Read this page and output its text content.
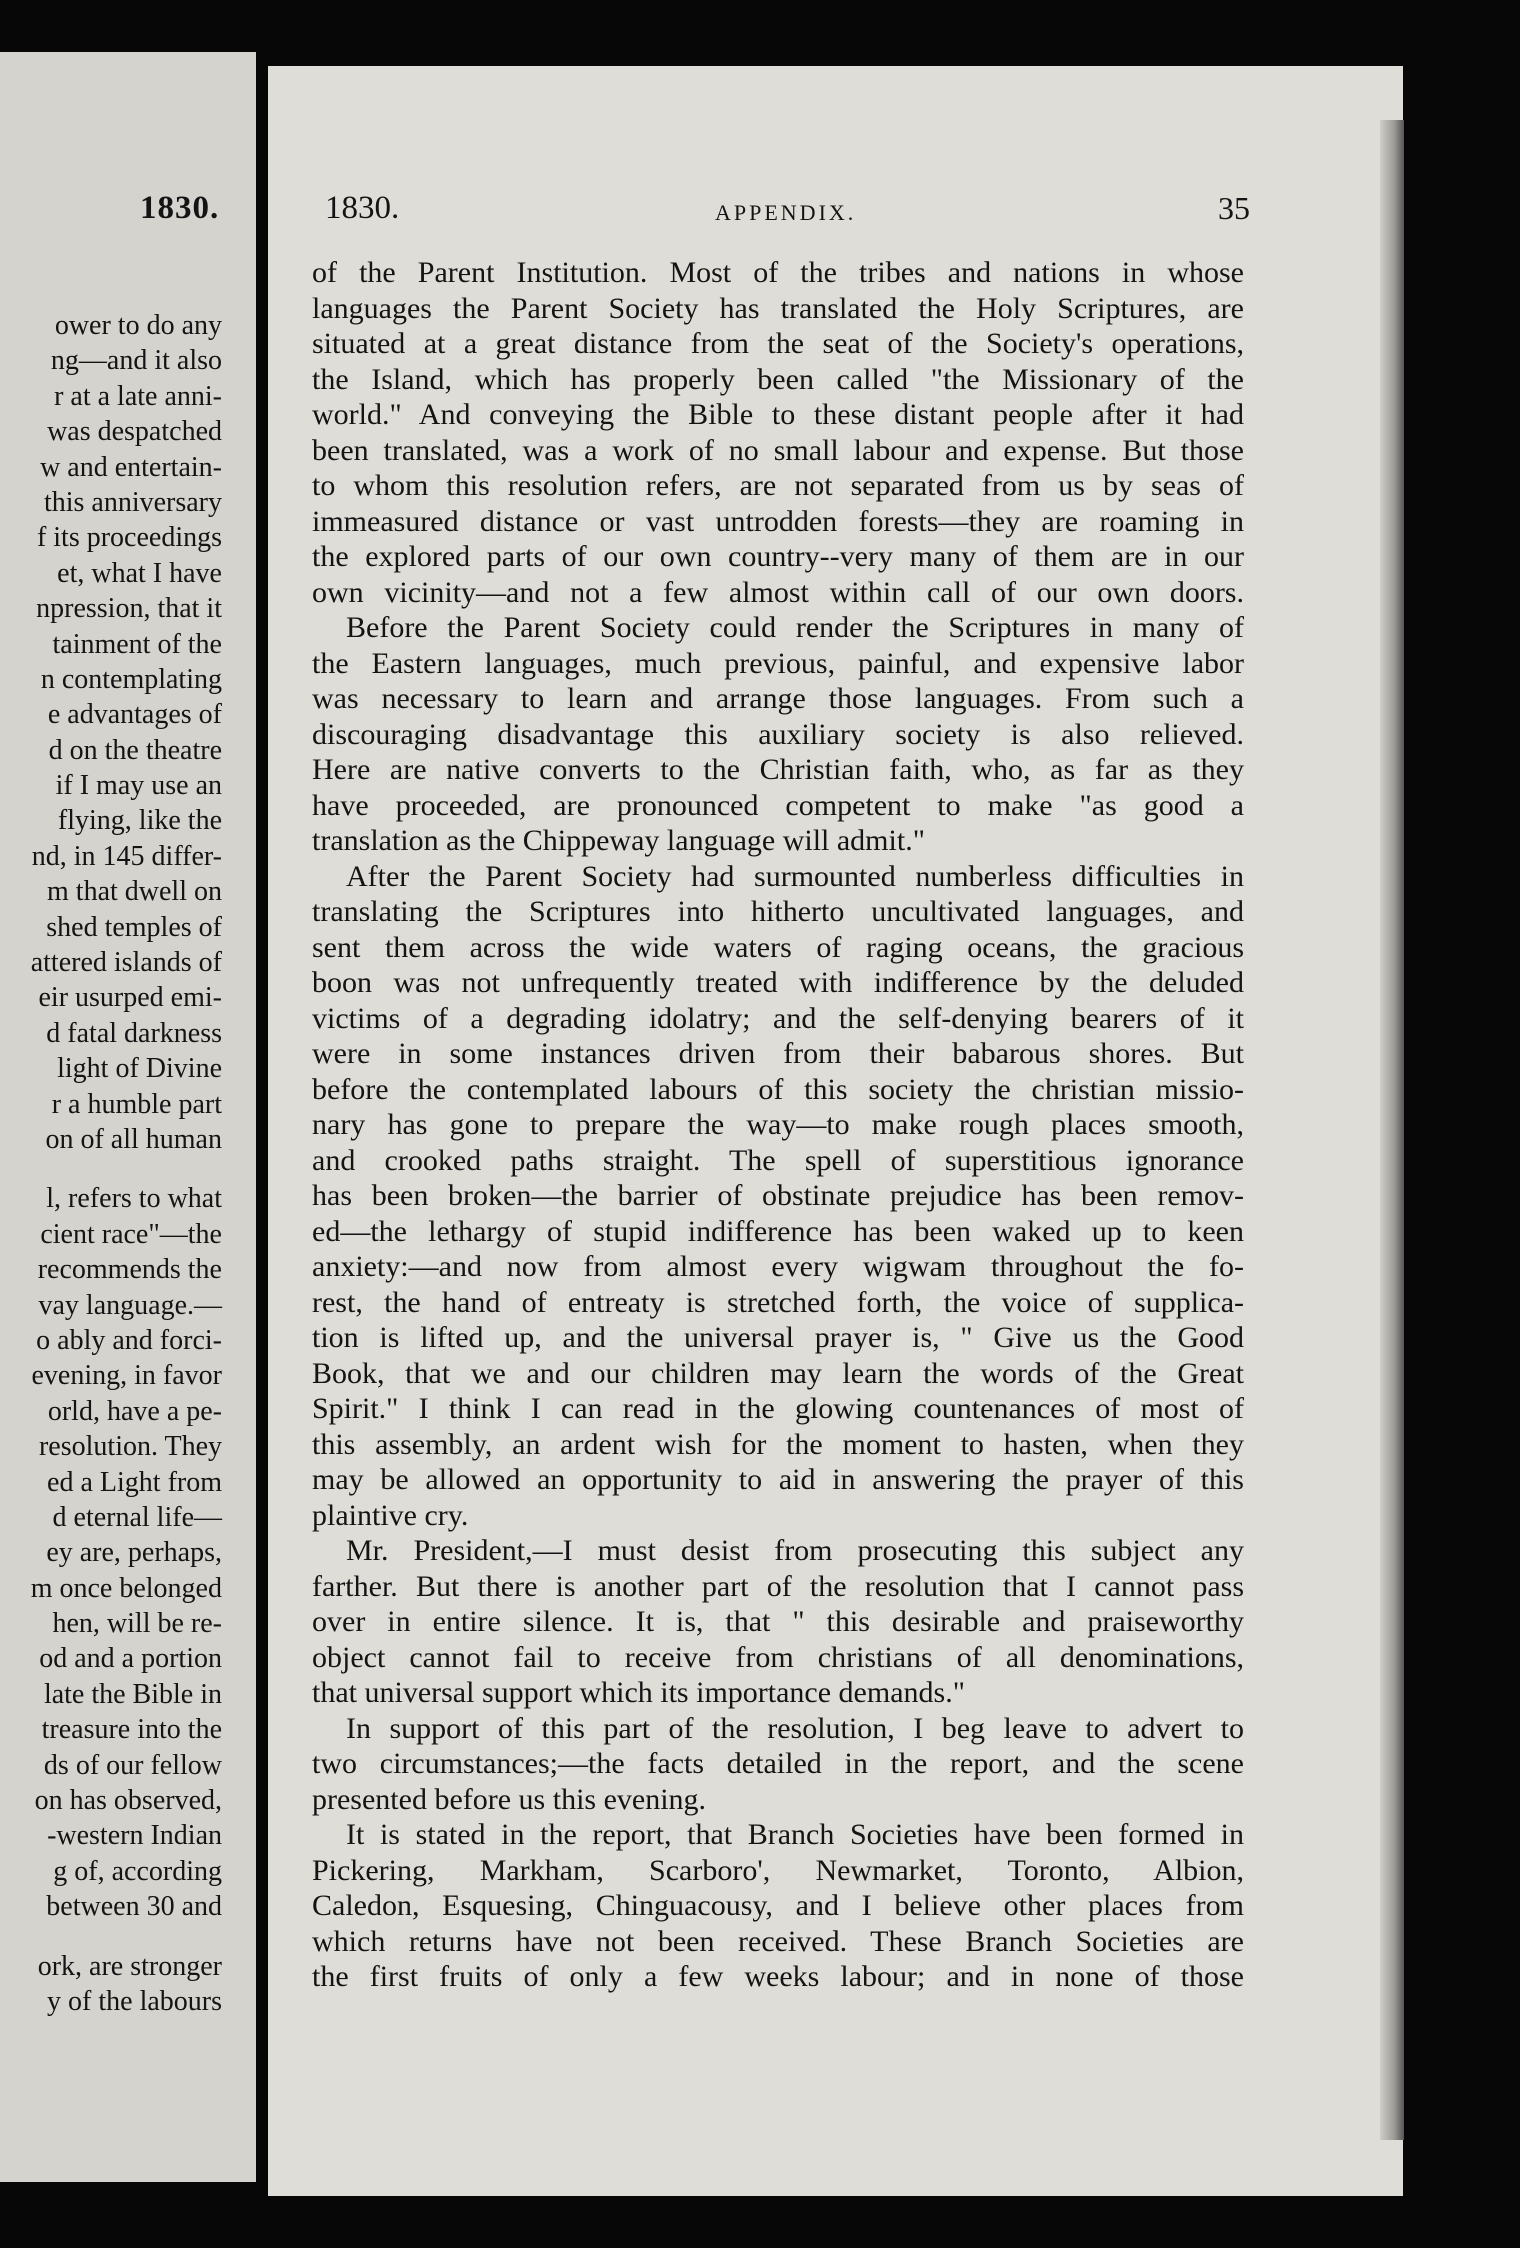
1830.
ower to do any
ng—and it also
r at a late anni-
was despatched
w and entertain-
this anniversary
f its proceedings
et, what I have
npression, that it
tainment of the
n contemplating
e advantages of
d on the theatre
if I may use an
flying, like the
nd, in 145 differ-
m that dwell on
shed temples of
attered islands of
eir usurped emi-
d fatal darkness
light of Divine
r a humble part
on of all human
l, refers to what
cient race"—the
recommends the
vay language.—
o ably and forci-
evening, in favor
orld, have a pe-
resolution. They
ed a Light from
d eternal life—
ey are, perhaps,
m once belonged
hen, will be re-
od and a portion
late the Bible in
treasure into the
ds of our fellow
on has observed,
-western Indian
g of, according
between 30 and
ork, are stronger
y of the labours
1830.	APPENDIX.	35
of the Parent Institution. Most of the tribes and nations in whose
languages the Parent Society has translated the Holy Scriptures, are
situated at a great distance from the seat of the Society's operations,
the Island, which has properly been called "the Missionary of the
world." And conveying the Bible to these distant people after it had
been translated, was a work of no small labour and expense. But those
to whom this resolution refers, are not separated from us by seas of
immeasured distance or vast untrodden forests—they are roaming in
the explored parts of our own country--very many of them are in our
own vicinity—and not a few almost within call of our own doors.
Before the Parent Society could render the Scriptures in many of
the Eastern languages, much previous, painful, and expensive labor
was necessary to learn and arrange those languages. From such a
discouraging disadvantage this auxiliary society is also relieved.
Here are native converts to the Christian faith, who, as far as they
have proceeded, are pronounced competent to make "as good a
translation as the Chippeway language will admit."
After the Parent Society had surmounted numberless difficulties in
translating the Scriptures into hitherto uncultivated languages, and
sent them across the wide waters of raging oceans, the gracious
boon was not unfrequently treated with indifference by the deluded
victims of a degrading idolatry; and the self-denying bearers of it
were in some instances driven from their babarous shores. But
before the contemplated labours of this society the christian missio-
nary has gone to prepare the way—to make rough places smooth,
and crooked paths straight. The spell of superstitious ignorance
has been broken—the barrier of obstinate prejudice has been remov-
ed—the lethargy of stupid indifference has been waked up to keen
anxiety:—and now from almost every wigwam throughout the fo-
rest, the hand of entreaty is stretched forth, the voice of supplica-
tion is lifted up, and the universal prayer is, " Give us the Good
Book, that we and our children may learn the words of the Great
Spirit." I think I can read in the glowing countenances of most of
this assembly, an ardent wish for the moment to hasten, when they
may be allowed an opportunity to aid in answering the prayer of this
plaintive cry.
Mr. President,—I must desist from prosecuting this subject any
farther. But there is another part of the resolution that I cannot pass
over in entire silence. It is, that " this desirable and praiseworthy
object cannot fail to receive from christians of all denominations,
that universal support which its importance demands."
In support of this part of the resolution, I beg leave to advert to
two circumstances;—the facts detailed in the report, and the scene
presented before us this evening.
It is stated in the report, that Branch Societies have been formed in
Pickering, Markham, Scarboro', Newmarket, Toronto, Albion,
Caledon, Esquesing, Chinguacousy, and I believe other places from
which returns have not been received. These Branch Societies are
the first fruits of only a few weeks labour; and in none of those
